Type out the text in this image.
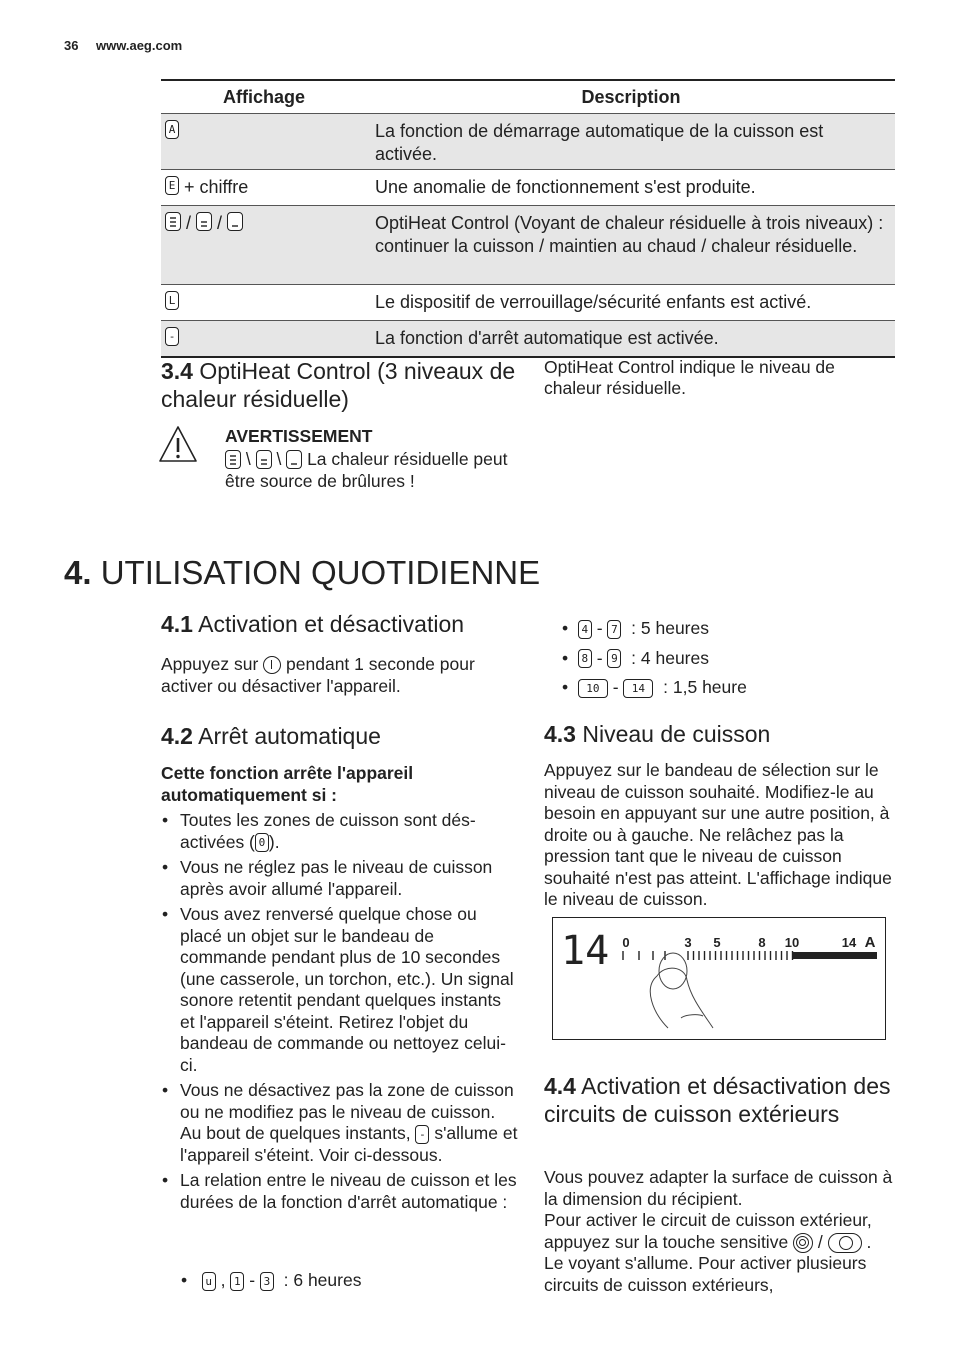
36 www.aeg.com
Affichage	Description
A	La fonction de démarrage automatique de la cuisson est activée.
E + chiffre	Une anomalie de fonctionnement s'est produite.
/ /	OptiHeat Control (Voyant de chaleur résiduelle à trois niveaux) : continuer la cuisson / maintien au chaud / chaleur résiduelle.
L	Le dispositif de verrouillage/sécurité enfants est activé.
-	La fonction d'arrêt automatique est activée.
3.4 OptiHeat Control (3 niveaux de chaleur résiduelle)
OptiHeat Control indique le niveau de chaleur résiduelle.
AVERTISSEMENT
\
\
La chaleur résiduelle peut être source de brûlures !
4. UTILISATION QUOTIDIENNE
4.1 Activation et désactivation
Appuyez sur pendant 1 seconde pour activer ou désactiver l'appareil.
4.2 Arrêt automatique
Cette fonction arrête l'appareil automatiquement si :
• Toutes les zones de cuisson sont dés-activées ( 0 ).
• Vous ne réglez pas le niveau de cuisson après avoir allumé l'appareil.
• Vous avez renversé quelque chose ou placé un objet sur le bandeau de commande pendant plus de 10 secondes (une casserole, un torchon, etc.). Un signal sonore retentit pendant quelques instants et l'appareil s'éteint. Retirez l'objet du bandeau de commande ou nettoyez celui-ci.
• Vous ne désactivez pas la zone de cuisson ou ne modifiez pas le niveau de cuisson. Au bout de quelques instants, - s'allume et l'appareil s'éteint. Voir ci-dessous.
• La relation entre le niveau de cuisson et les durées de la fonction d'arrêt automatique :
• u , 1 - 3 : 6 heures
•  4 - 7 : 5 heures
•  8 - 9 : 4 heures
•  10 - 14 : 1,5 heure
4.3 Niveau de cuisson
Appuyez sur le bandeau de sélection sur le niveau de cuisson souhaité. Modifiez-le au besoin en appuyant sur une autre position, à droite ou à gauche. Ne relâchez pas la pression tant que le niveau de cuisson souhaité n'est pas atteint. L'affichage indique le niveau de cuisson.
14 0	3 5	8 10	14 A
4.4 Activation et désactivation des circuits de cuisson extérieurs
Vous pouvez adapter la surface de cuisson à la dimension du récipient.
Pour activer le circuit de cuisson extérieur, appuyez sur la touche sensitive
/
. Le voyant s'allume. Pour activer plusieurs circuits de cuisson extérieurs,
